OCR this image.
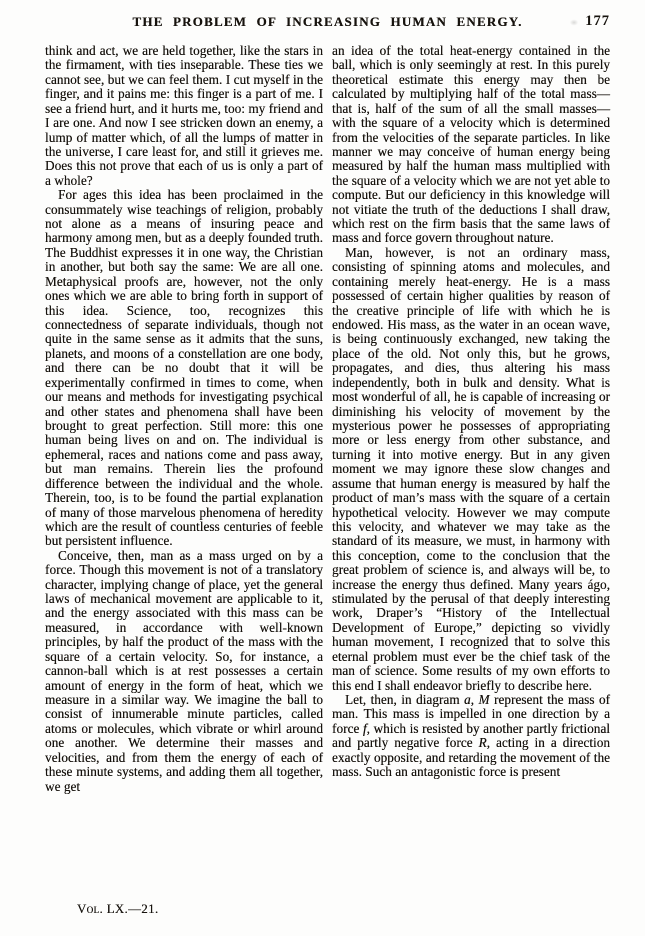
THE PROBLEM OF INCREASING HUMAN ENERGY.	177

think and act, we are held together, like the stars in the firmament, with ties inseparable. These ties we cannot see, but we can feel them. I cut myself in the finger, and it pains me: this finger is a part of me. I see a friend hurt, and it hurts me, too: my friend and I are one. And now I see stricken down an enemy, a lump of matter which, of all the lumps of matter in the universe, I care least for, and still it grieves me. Does this not prove that each of us is only a part of a whole?

For ages this idea has been proclaimed in the consummately wise teachings of religion, probably not alone as a means of insuring peace and harmony among men, but as a deeply founded truth. The Buddhist expresses it in one way, the Christian in another, but both say the same: We are all one. Metaphysical proofs are, however, not the only ones which we are able to bring forth in support of this idea. Science, too, recognizes this connectedness of separate individuals, though not quite in the same sense as it admits that the suns, planets, and moons of a constellation are one body, and there can be no doubt that it will be experimentally confirmed in times to come, when our means and methods for investigating psychical and other states and phenomena shall have been brought to great perfection. Still more: this one human being lives on and on. The individual is ephemeral, races and nations come and pass away, but man remains. Therein lies the profound difference between the individual and the whole. Therein, too, is to be found the partial explanation of many of those marvelous phenomena of heredity which are the result of countless centuries of feeble but persistent influence.

Conceive, then, man as a mass urged on by a force. Though this movement is not of a translatory character, implying change of place, yet the general laws of mechanical movement are applicable to it, and the energy associated with this mass can be measured, in accordance with well-known principles, by half the product of the mass with the square of a certain velocity. So, for instance, a cannon-ball which is at rest possesses a certain amount of energy in the form of heat, which we measure in a similar way. We imagine the ball to consist of innumerable minute particles, called atoms or molecules, which vibrate or whirl around one another. We determine their masses and velocities, and from them the energy of each of these minute systems, and adding them all together, we get

an idea of the total heat-energy contained in the ball, which is only seemingly at rest. In this purely theoretical estimate this energy may then be calculated by multiplying half of the total mass—that is, half of the sum of all the small masses—with the square of a velocity which is determined from the velocities of the separate particles. In like manner we may conceive of human energy being measured by half the human mass multiplied with the square of a velocity which we are not yet able to compute. But our deficiency in this knowledge will not vitiate the truth of the deductions I shall draw, which rest on the firm basis that the same laws of mass and force govern throughout nature.

Man, however, is not an ordinary mass, consisting of spinning atoms and molecules, and containing merely heat-energy. He is a mass possessed of certain higher qualities by reason of the creative principle of life with which he is endowed. His mass, as the water in an ocean wave, is being continuously exchanged, new taking the place of the old. Not only this, but he grows, propagates, and dies, thus altering his mass independently, both in bulk and density. What is most wonderful of all, he is capable of increasing or diminishing his velocity of movement by the mysterious power he possesses of appropriating more or less energy from other substance, and turning it into motive energy. But in any given moment we may ignore these slow changes and assume that human energy is measured by half the product of man’s mass with the square of a certain hypothetical velocity. However we may compute this velocity, and whatever we may take as the standard of its measure, we must, in harmony with this conception, come to the conclusion that the great problem of science is, and always will be, to increase the energy thus defined. Many years ágo, stimulated by the perusal of that deeply interesting work, Draper’s “History of the Intellectual Development of Europe,” depicting so vividly human movement, I recognized that to solve this eternal problem must ever be the chief task of the man of science. Some results of my own efforts to this end I shall endeavor briefly to describe here.

Let, then, in diagram a, M represent the mass of man. This mass is impelled in one direction by a force f, which is resisted by another partly frictional and partly negative force R, acting in a direction exactly opposite, and retarding the movement of the mass. Such an antagonistic force is present

Vol. LX.—21.
